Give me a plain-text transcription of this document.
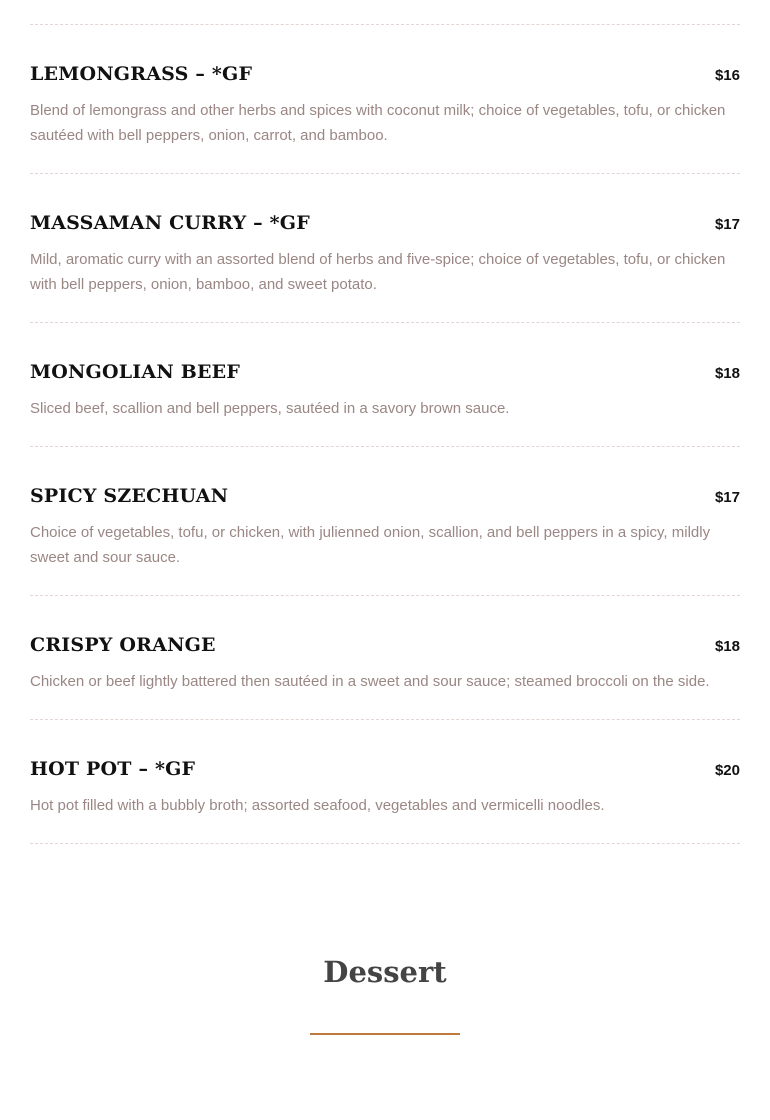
LEMONGRASS – *GF	$16

Blend of lemongrass and other herbs and spices with coconut milk; choice of vegetables, tofu, or chicken sautéed with bell peppers, onion, carrot, and bamboo.

MASSAMAN CURRY – *GF	$17

Mild, aromatic curry with an assorted blend of herbs and five-spice; choice of vegetables, tofu, or chicken with bell peppers, onion, bamboo, and sweet potato.

MONGOLIAN BEEF	$18

Sliced beef, scallion and bell peppers, sautéed in a savory brown sauce.

SPICY SZECHUAN	$17

Choice of vegetables, tofu, or chicken, with julienned onion, scallion, and bell peppers in a spicy, mildly sweet and sour sauce.

CRISPY ORANGE	$18

Chicken or beef lightly battered then sautéed in a sweet and sour sauce; steamed broccoli on the side.

HOT POT – *GF	$20

Hot pot filled with a bubbly broth; assorted seafood, vegetables and vermicelli noodles.

Dessert
